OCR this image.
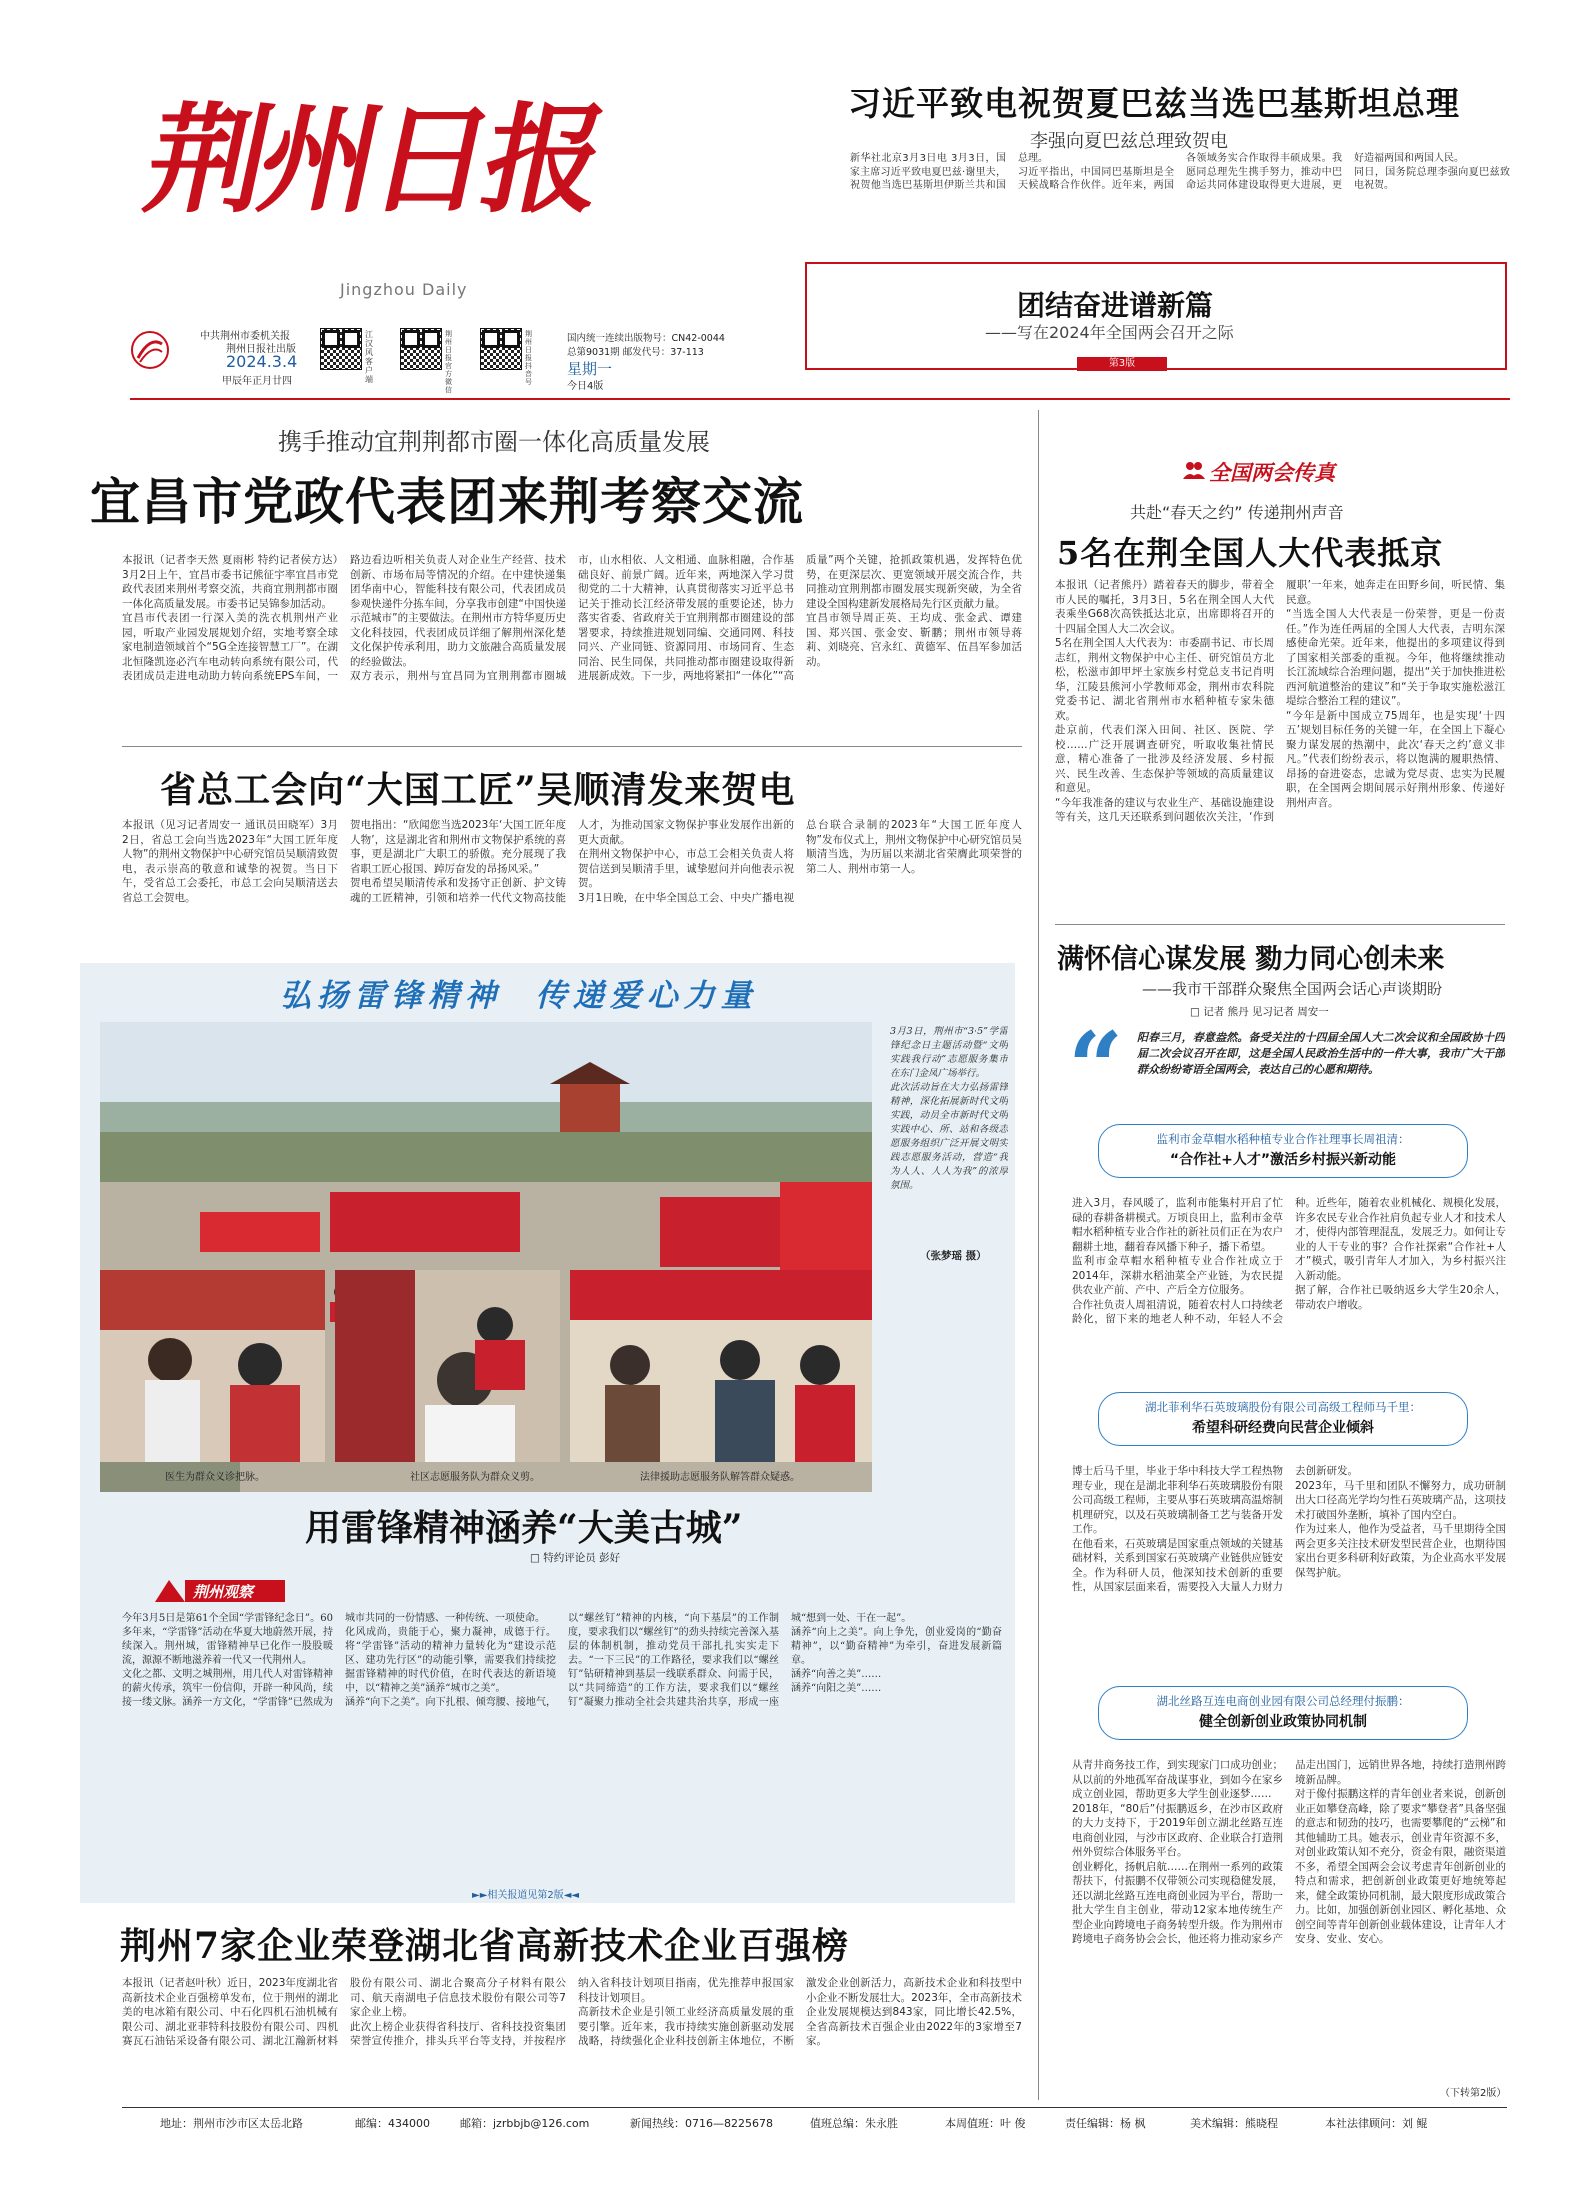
荆州日报
Jingzhou Daily
中共荆州市委机关报
荆州日报社出版
2024.3.4
甲辰年正月廿四
江汉风客户端
荆州日报官方微信
荆州日报抖音号
国内统一连续出版物号：CN42-0044
总第9031期 邮发代号：37-113
星期一
今日4版
习近平致电祝贺夏巴兹当选巴基斯坦总理
李强向夏巴兹总理致贺电
新华社北京3月3日电 3月3日，国家主席习近平致电夏巴兹·谢里夫，祝贺他当选巴基斯坦伊斯兰共和国总理。
习近平指出，中国同巴基斯坦是全天候战略合作伙伴。近年来，两国各领域务实合作取得丰硕成果。我愿同总理先生携手努力，推动中巴命运共同体建设取得更大进展，更好造福两国和两国人民。
同日，国务院总理李强向夏巴兹致电祝贺。
团结奋进谱新篇
——写在2024年全国两会召开之际
第3版
携手推动宜荆荆都市圈一体化高质量发展
宜昌市党政代表团来荆考察交流
本报讯（记者李天然 夏雨彬 特约记者侯方达）3月2日上午，宜昌市委书记熊征宇率宜昌市党政代表团来荆州考察交流，共商宜荆荆都市圈一体化高质量发展。市委书记吴锦参加活动。
宜昌市代表团一行深入美的洗衣机荆州产业园，听取产业园发展规划介绍，实地考察全球家电制造领域首个“5G全连接智慧工厂”。在湖北恒隆凯迩必汽车电动转向系统有限公司，代表团成员走进电动助力转向系统EPS车间，一路边看边听相关负责人对企业生产经营、技术创新、市场布局等情况的介绍。在中建快递集团华南中心，智能科技有限公司，代表团成员参观快递件分拣车间，分享我市创建“中国快递示范城市”的主要做法。在荆州市方特华夏历史文化科技园，代表团成员详细了解荆州深化楚文化保护传承利用，助力文旅融合高质量发展的经验做法。
双方表示，荆州与宜昌同为宜荆荆都市圈城市，山水相依、人文相通、血脉相融，合作基础良好、前景广阔。近年来，两地深入学习贯彻党的二十大精神，认真贯彻落实习近平总书记关于推动长江经济带发展的重要论述，协力落实省委、省政府关于宜荆荆都市圈建设的部署要求，持续推进规划同编、交通同网、科技同兴、产业同链、资源同用、市场同育、生态同治、民生同保，共同推动都市圈建设取得新进展新成效。下一步，两地将紧扣“一体化”“高质量”两个关键，抢抓政策机遇，发挥特色优势，在更深层次、更宽领域开展交流合作，共同推动宜荆荆都市圈发展实现新突破，为全省建设全国构建新发展格局先行区贡献力量。
宜昌市领导周正英、王均成、张金武、谭建国、郑兴国、张金安、靳鹏；荆州市领导蒋莉、刘晓亮、宫永红、黄德军、伍昌军参加活动。
省总工会向“大国工匠”吴顺清发来贺电
本报讯（见习记者周安一 通讯员田晓军）3月2日，省总工会向当选2023年“大国工匠年度人物”的荆州文物保护中心研究馆员吴顺清致贺电，表示崇高的敬意和诚挚的祝贺。当日下午，受省总工会委托，市总工会向吴顺清送去省总工会贺电。
贺电指出：“欣闻您当选2023年‘大国工匠年度人物’，这是湖北省和荆州市文物保护系统的喜事，更是湖北广大职工的骄傲。充分展现了我省职工匠心报国、踔厉奋发的昂扬风采。”
贺电希望吴顺清传承和发扬守正创新、护文铸魂的工匠精神，引领和培养一代代文物高技能人才，为推动国家文物保护事业发展作出新的更大贡献。
在荆州文物保护中心，市总工会相关负责人将贺信送到吴顺清手里，诚挚慰问并向他表示祝贺。
3月1日晚，在中华全国总工会、中央广播电视总台联合录制的2023年“大国工匠年度人物”发布仪式上，荆州文物保护中心研究馆员吴顺清当选，为历届以来湖北省荣膺此项荣誉的第二人、荆州市第一人。
弘扬雷锋精神  传递爱心力量
3月3日，荆州市“3·5”学雷锋纪念日主题活动暨“文明实践我行动”志愿服务集市在东门金凤广场举行。
此次活动旨在大力弘扬雷锋精神，深化拓展新时代文明实践，动员全市新时代文明实践中心、所、站和各级志愿服务组织广泛开展文明实践志愿服务活动，营造“我为人人、人人为我”的浓厚氛围。
（张梦瑶 摄）
医生为群众义诊把脉。	社区志愿服务队为群众义剪。	法律援助志愿服务队解答群众疑惑。
用雷锋精神涵养“大美古城”
□ 特约评论员 彭好
荆州观察
今年3月5日是第61个全国“学雷锋纪念日”。60多年来，“学雷锋”活动在华夏大地蔚然开展，持续深入。荆州城，雷锋精神早已化作一股股暖流，源源不断地滋养着一代又一代荆州人。
文化之都、文明之城荆州，用几代人对雷锋精神的薪火传承，筑牢一份信仰，开辟一种风尚，续接一缕文脉。涵养一方文化，“学雷锋”已然成为城市共同的一份情感、一种传统、一项使命。
化风成尚，贵能于心，聚力凝神，成德于行。将“学雷锋”活动的精神力量转化为“建设示范区、建功先行区”的动能引擎，需要我们持续挖掘雷锋精神的时代价值，在时代表达的新语境中，以“精神之美”涵养“城市之美”。
涵养“向下之美”。向下扎根、倾弯腰、接地气，以“螺丝钉”精神的内核，“向下基层”的工作制度，要求我们以“螺丝钉”的劲头持续完善深入基层的体制机制，推动党员干部扎扎实实走下去。“一下三民”的工作路径，要求我们以“螺丝钉”钻研精神到基层一线联系群众、问需于民，以“共同缔造”的工作方法，要求我们以“螺丝钉”凝聚力推动全社会共建共治共享，形成一座城“想到一处、干在一起”。
涵养“向上之美”。向上争先，创业爱岗的“勤奋精神”，以“勤奋精神”为牵引，奋进发展新篇章。
涵养“向善之美”……
涵养“向阳之美”……
►►相关报道见第2版◄◄
荆州7家企业荣登湖北省高新技术企业百强榜
本报讯（记者赵叶秋）近日，2023年度湖北省高新技术企业百强榜单发布，位于荆州的湖北美的电冰箱有限公司、中石化四机石油机械有限公司、湖北亚菲特科技股份有限公司、四机赛瓦石油钻采设备有限公司、湖北江瀚新材料股份有限公司、湖北合聚高分子材料有限公司、航天南湖电子信息技术股份有限公司等7家企业上榜。
此次上榜企业获得省科技厅、省科技投资集团荣誉宣传推介，排头兵平台等支持，并按程序纳入省科技计划项目指南，优先推荐申报国家科技计划项目。
高新技术企业是引领工业经济高质量发展的重要引擎。近年来，我市持续实施创新驱动发展战略，持续强化企业科技创新主体地位，不断激发企业创新活力，高新技术企业和科技型中小企业不断发展壮大。2023年，全市高新技术企业发展规模达到843家，同比增长42.5%，全省高新技术百强企业由2022年的3家增至7家。
全国两会传真
共赴“春天之约” 传递荆州声音
5名在荆全国人大代表抵京
本报讯（记者熊丹）踏着春天的脚步，带着全市人民的嘱托，3月3日，5名在荆全国人大代表乘坐G68次高铁抵达北京，出席即将召开的十四届全国人大二次会议。
5名在荆全国人大代表为：市委副书记、市长周志红，荆州文物保护中心主任、研究馆员方北松，松滋市卸甲坪土家族乡村党总支书记肖明华，江陵县熊河小学教师邓金，荆州市农科院党委书记、湖北省荆州市水稻种植专家朱德欢。
赴京前，代表们深入田间、社区、医院、学校……广泛开展调查研究，听取收集社情民意，精心准备了一批涉及经济发展、乡村振兴、民生改善、生态保护等领域的高质量建议和意见。
“今年我准备的建议与农业生产、基础设施建设等有关，这几天还联系到问题依次关注，‘作到履职’一年来，她奔走在田野乡间，听民情、集民意。
“当选全国人大代表是一份荣誉，更是一份责任。”作为连任两届的全国人大代表，吉明东深感使命光荣。近年来，他提出的多项建议得到了国家相关部委的重视。今年，他将继续推动长江流域综合治理问题，提出“关于加快推进松西河航道整治的建议”和“关于争取实施松滋江堤综合整治工程的建议”。
“今年是新中国成立75周年，也是实现‘十四五’规划目标任务的关键一年，在全国上下凝心聚力谋发展的热潮中，此次‘春天之约’意义非凡。”代表们纷纷表示，将以饱满的履职热情、昂扬的奋进姿态，忠诚为党尽责、忠实为民履职，在全国两会期间展示好荆州形象、传递好荆州声音。
满怀信心谋发展 勠力同心创未来
——我市干部群众聚焦全国两会话心声谈期盼
□ 记者 熊丹 见习记者 周安一
“	阳春三月，春意盎然。备受关注的十四届全国人大二次会议和全国政协十四届二次会议召开在即，这是全国人民政治生活中的一件大事，我市广大干部群众纷纷寄语全国两会，表达自己的心愿和期待。
监利市金草帽水稻种植专业合作社理事长周祖清：
“合作社+人才”激活乡村振兴新动能
进入3月，春风暖了，监利市能集村开启了忙碌的春耕备耕模式。万顷良田上，监利市金草帽水稻种植专业合作社的新社员们正在为农户翻耕土地，翻着春风播下种子，播下希望。
监利市金草帽水稻种植专业合作社成立于2014年，深耕水稻油菜全产业链，为农民提供农业产前、产中、产后全方位服务。
合作社负责人周祖清说，随着农村人口持续老龄化，留下来的地老人种不动，年轻人不会种。近些年，随着农业机械化、规模化发展，许多农民专业合作社肩负起专业人才和技术人才，使得内部管理混乱，发展乏力。如何让专业的人干专业的事？合作社探索“合作社+人才”模式，吸引青年人才加入，为乡村振兴注入新动能。
据了解，合作社已吸纳返乡大学生20余人，带动农户增收。
湖北菲利华石英玻璃股份有限公司高级工程师马千里：
希望科研经费向民营企业倾斜
博士后马千里，毕业于华中科技大学工程热物理专业，现在是湖北菲利华石英玻璃股份有限公司高级工程师，主要从事石英玻璃高温熔制机理研究，以及石英玻璃制备工艺与装备开发工作。
在他看来，石英玻璃是国家重点领域的关键基础材料，关系到国家石英玻璃产业链供应链安全。作为科研人员，他深知技术创新的重要性，从国家层面来看，需要投入大量人力财力去创新研发。
2023年，马千里和团队不懈努力，成功研制出大口径高光学均匀性石英玻璃产品，这项技术打破国外垄断，填补了国内空白。
作为过来人，他作为受益者，马千里期待全国两会更多关注技术研发型民营企业，也期待国家出台更多科研利好政策，为企业高水平发展保驾护航。
湖北丝路互连电商创业园有限公司总经理付振鹏：
健全创新创业政策协同机制
从青井商务技工作，到实现家门口成功创业；从以前的外地孤军奋战谋事业，到如今在家乡成立创业园，帮助更多大学生创业逐梦……
2018年，“80后”付振鹏返乡，在沙市区政府的大力支持下，于2019年创立湖北丝路互连电商创业园，与沙市区政府、企业联合打造荆州外贸综合体服务平台。
创业孵化，扬帆启航……在荆州一系列的政策帮扶下，付振鹏不仅带领公司实现稳健发展，还以湖北丝路互连电商创业园为平台，帮助一批大学生自主创业，带动12家本地传统生产型企业向跨境电子商务转型升级。作为荆州市跨境电子商务协会会长，他还将力推动家乡产品走出国门，远销世界各地，持续打造荆州跨境新品牌。
对于像付振鹏这样的青年创业者来说，创新创业正如攀登高峰，除了要求“攀登者”具备坚强的意志和韧劲的技巧，也需要攀爬的“云梯”和其他辅助工具。她表示，创业青年资源不多，对创业政策认知不充分，资金有限，融资渠道不多，希望全国两会会议考虑青年创新创业的特点和需求，把创新创业政策更好地统筹起来，健全政策协同机制，最大限度形成政策合力。比如，加强创新创业园区、孵化基地、众创空间等青年创新创业载体建设，让青年人才安身、安业、安心。
（下转第2版）
地址：荆州市沙市区太岳北路	邮编：434000	邮箱：jzrbbjb@126.com	新闻热线：0716—8225678	值班总编：朱永胜	本周值班：叶 俊	责任编辑：杨 枫	美术编辑：熊晓程	本社法律顾问：刘 鲲
